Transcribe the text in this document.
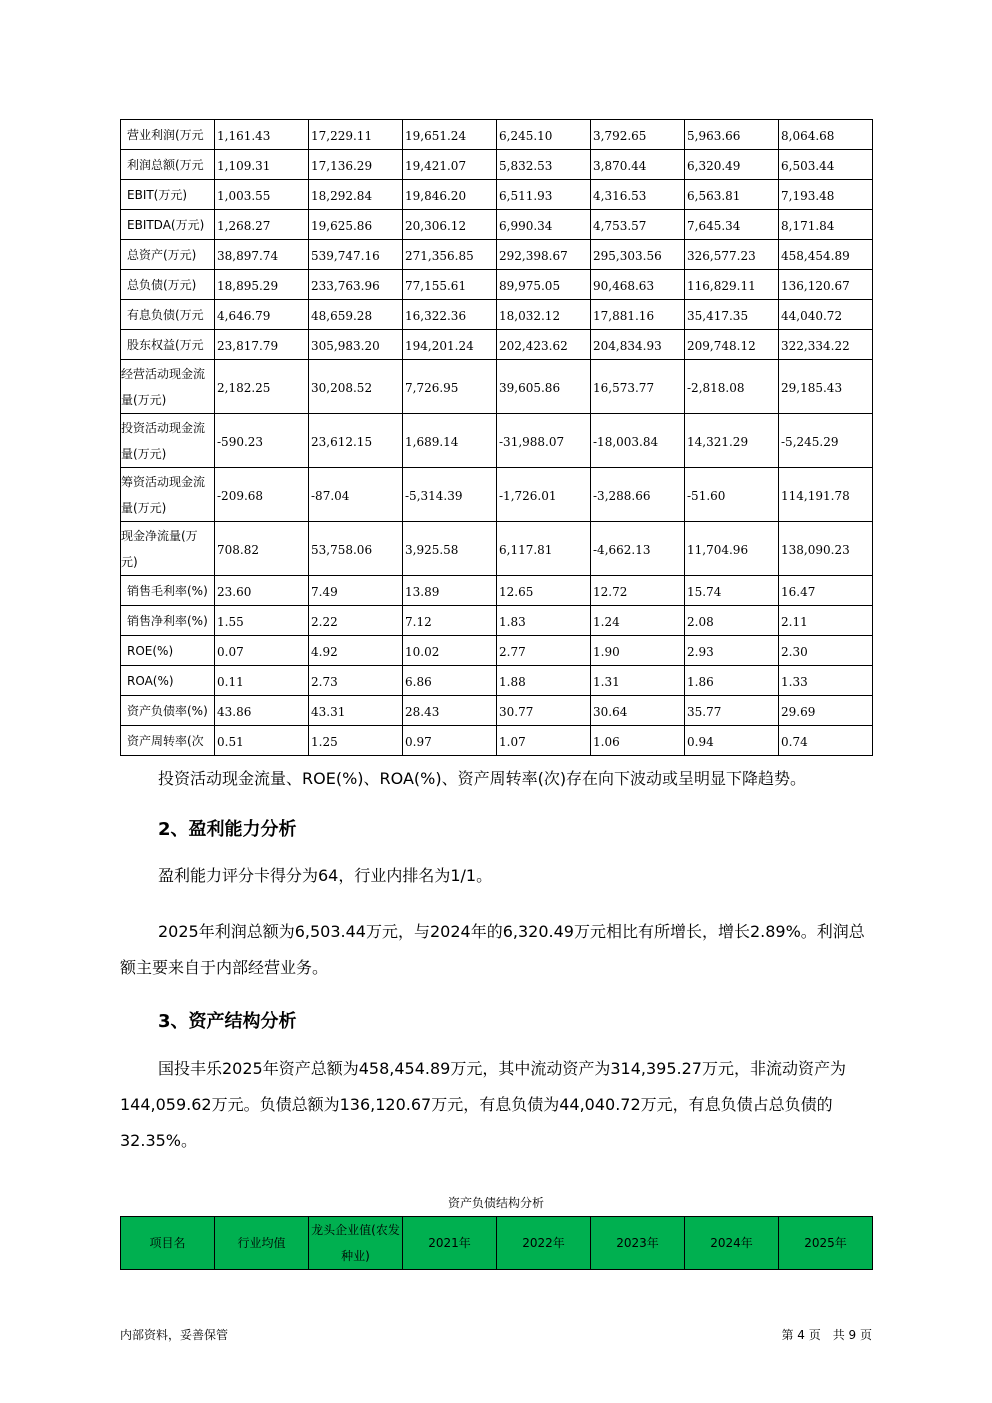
营业利润(万元	1,161.43	17,229.11	19,651.24	6,245.10	3,792.65	5,963.66	8,064.68
利润总额(万元	1,109.31	17,136.29	19,421.07	5,832.53	3,870.44	6,320.49	6,503.44
EBIT(万元)	1,003.55	18,292.84	19,846.20	6,511.93	4,316.53	6,563.81	7,193.48
EBITDA(万元)	1,268.27	19,625.86	20,306.12	6,990.34	4,753.57	7,645.34	8,171.84
总资产(万元)	38,897.74	539,747.16	271,356.85	292,398.67	295,303.56	326,577.23	458,454.89
总负债(万元)	18,895.29	233,763.96	77,155.61	89,975.05	90,468.63	116,829.11	136,120.67
有息负债(万元	4,646.79	48,659.28	16,322.36	18,032.12	17,881.16	35,417.35	44,040.72
股东权益(万元	23,817.79	305,983.20	194,201.24	202,423.62	204,834.93	209,748.12	322,334.22
经营活动现金流量(万元)	2,182.25	30,208.52	7,726.95	39,605.86	16,573.77	-2,818.08	29,185.43
投资活动现金流量(万元)	-590.23	23,612.15	1,689.14	-31,988.07	-18,003.84	14,321.29	-5,245.29
筹资活动现金流量(万元)	-209.68	-87.04	-5,314.39	-1,726.01	-3,288.66	-51.60	114,191.78
现金净流量(万元)	708.82	53,758.06	3,925.58	6,117.81	-4,662.13	11,704.96	138,090.23
销售毛利率(%)	23.60	7.49	13.89	12.65	12.72	15.74	16.47
销售净利率(%)	1.55	2.22	7.12	1.83	1.24	2.08	2.11
ROE(%)	0.07	4.92	10.02	2.77	1.90	2.93	2.30
ROA(%)	0.11	2.73	6.86	1.88	1.31	1.86	1.33
资产负债率(%)	43.86	43.31	28.43	30.77	30.64	35.77	29.69
资产周转率(次	0.51	1.25	0.97	1.07	1.06	0.94	0.74

投资活动现金流量、ROE(%)、ROA(%)、资产周转率(次)存在向下波动或呈明显下降趋势。

2、盈利能力分析

盈利能力评分卡得分为64，行业内排名为1/1。

2025年利润总额为6,503.44万元，与2024年的6,320.49万元相比有所增长，增长2.89%。利润总额主要来自于内部经营业务。

3、资产结构分析

国投丰乐2025年资产总额为458,454.89万元，其中流动资产为314,395.27万元，非流动资产为144,059.62万元。负债总额为136,120.67万元，有息负债为44,040.72万元，有息负债占总负债的32.35%。

资产负债结构分析
项目名	行业均值	龙头企业值(农发种业)	2021年	2022年	2023年	2024年	2025年
内部资料，妥善保管	第 4 页　共 9 页
